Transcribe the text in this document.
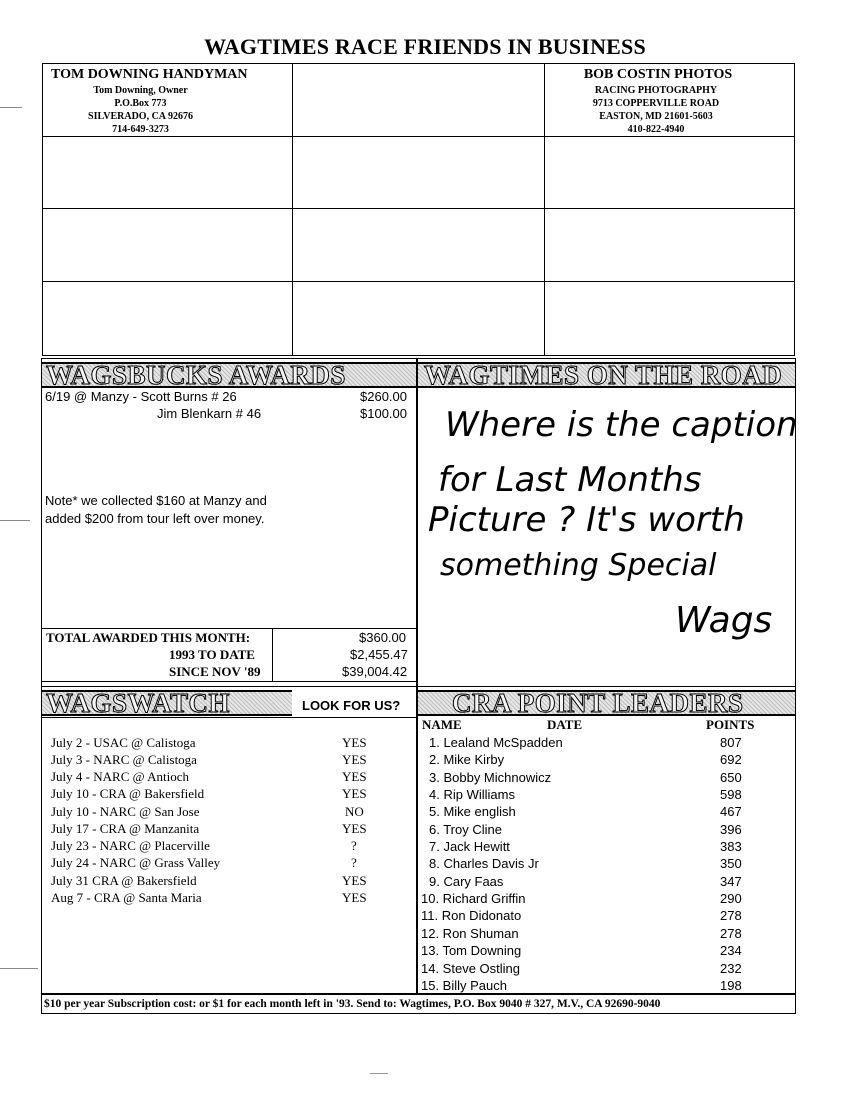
WAGTIMES RACE FRIENDS IN BUSINESS
TOM DOWNING HANDYMAN
Tom Downing, Owner
P.O.Box 773
SILVERADO, CA 92676
714-649-3273
BOB COSTIN PHOTOS
RACING PHOTOGRAPHY
9713 COPPERVILLE ROAD
EASTON, MD 21601-5603
410-822-4940
WAGSBUCKS AWARDS
6/19 @ Manzy - Scott Burns # 26	$260.00
Jim Blenkarn # 46	$100.00
Note* we collected $160 at Manzy and
added $200 from tour left over money.
TOTAL AWARDED THIS MONTH:	$360.00
1993 TO DATE	$2,455.47
SINCE NOV '89	$39,004.42
WAGTIMES ON THE ROAD
Where is the caption
for Last Months
Picture ? It's worth
something Special
Wags
WAGSWATCH	LOOK FOR US?
July 2 - USAC @ Calistoga	YES
July 3 - NARC @ Calistoga	YES
July 4 - NARC @ Antioch	YES
July 10 - CRA @ Bakersfield	YES
July 10 - NARC @ San Jose	NO
July 17 - CRA @ Manzanita	YES
July 23 - NARC @ Placerville	?
July 24 - NARC @ Grass Valley	?
July 31 CRA @ Bakersfield	YES
Aug 7 - CRA @ Santa Maria	YES
CRA POINT LEADERS
NAME	DATE	POINTS
1. Lealand McSpadden	807
2. Mike Kirby	692
3. Bobby Michnowicz	650
4. Rip Williams	598
5. Mike english	467
6. Troy Cline	396
7. Jack Hewitt	383
8. Charles Davis Jr	350
9. Cary Faas	347
10. Richard Griffin	290
11. Ron Didonato	278
12. Ron Shuman	278
13. Tom Downing	234
14. Steve Ostling	232
15. Billy Pauch	198
$10 per year Subscription cost: or $1 for each month left in '93. Send to: Wagtimes, P.O. Box 9040 # 327, M.V., CA 92690-9040
